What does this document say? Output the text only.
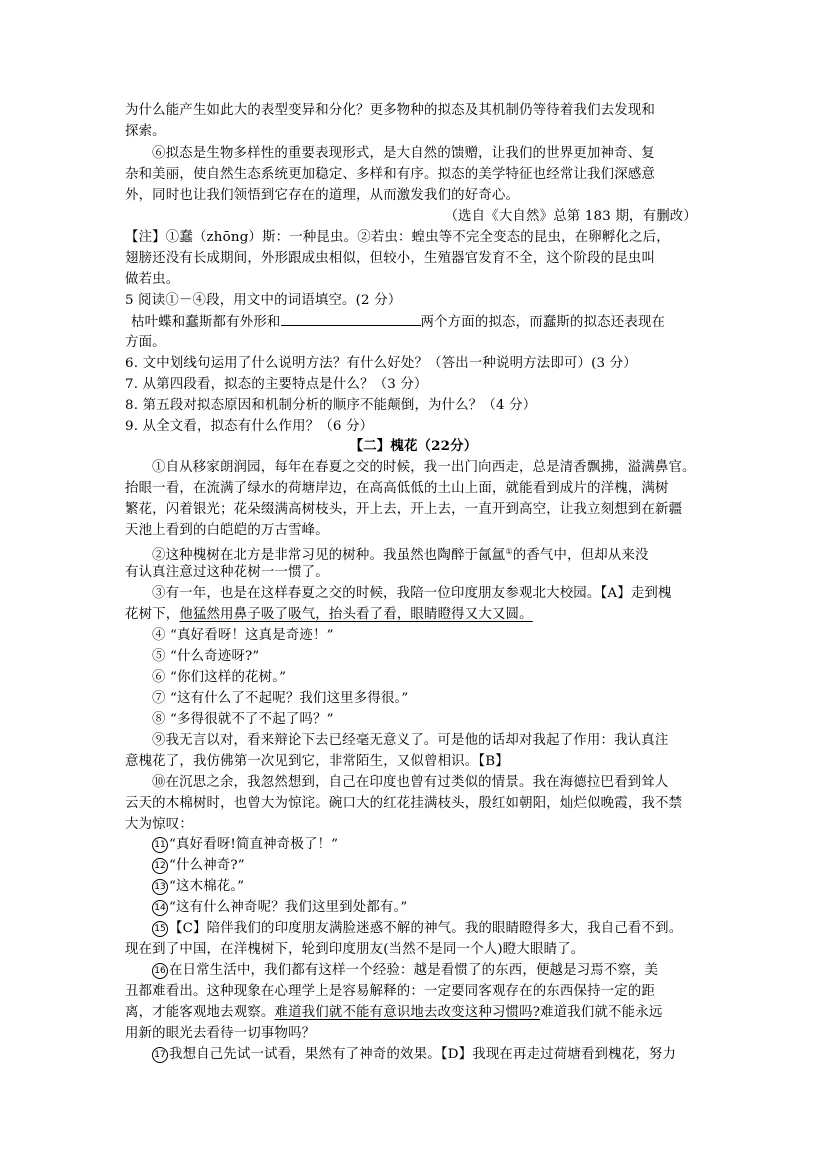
为什么能产生如此大的表型变异和分化？更多物种的拟态及其机制仍等待着我们去发现和
探索。
⑥拟态是生物多样性的重要表现形式，是大自然的馈赠，让我们的世界更加神奇、复
杂和美丽，使自然生态系统更加稳定、多样和有序。拟态的美学特征也经常让我们深感意
外，同时也让我们领悟到它存在的道理，从而激发我们的好奇心。
（选自《大自然》总第 183 期，有删改）
【注】①蠢（zhōng）斯：一种昆虫。②若虫：蝗虫等不完全变态的昆虫，在卵孵化之后，
翅膀还没有长成期间，外形跟成虫相似，但较小，生殖器官发育不全，这个阶段的昆虫叫
做若虫。
5 阅读①－④段，用文中的词语填空。(2 分）
枯叶蝶和蠢斯都有外形和	两个方面的拟态，而蠢斯的拟态还表现在
方面。
6. 文中划线句运用了什么说明方法？有什么好处？（答出一种说明方法即可）(3 分）
7. 从第四段看，拟态的主要特点是什么？（3 分）
8. 第五段对拟态原因和机制分析的顺序不能颠倒，为什么？（4 分）
9. 从全文看，拟态有什么作用？（6 分）
【二】槐花（22分）
①自从移家朗润园，每年在春夏之交的时候，我一出门向西走，总是清香飘拂，溢满鼻官。
抬眼一看，在流满了绿水的荷塘岸边，在高高低低的土山上面，就能看到成片的洋槐，满树
繁花，闪着银光；花朵缀满高树枝头，开上去，开上去，一直开到高空，让我立刻想到在新疆
天池上看到的白皑皑的万古雪峰。
②这种槐树在北方是非常习见的树种。我虽然也陶醉于氤氲①的香气中，但却从来没
有认真注意过这种花树一一惯了。
③有一年，也是在这样春夏之交的时候，我陪一位印度朋友参观北大校园。【A】走到槐
花树下，他猛然用鼻子吸了吸气，抬头看了看，眼睛瞪得又大又圆。
④ “真好看呀！这真是奇迹！”
⑤ “什么奇迹呀?”
⑥ “你们这样的花树。”
⑦ “这有什么了不起呢？我们这里多得很。”
⑧ “多得很就不了不起了吗？”
⑨我无言以对，看来辩论下去已经毫无意义了。可是他的话却对我起了作用：我认真注
意槐花了，我仿佛第一次见到它，非常陌生，又似曾相识。【B】
⑩在沉思之余，我忽然想到，自己在印度也曾有过类似的情景。我在海德拉巴看到耸人
云天的木棉树时，也曾大为惊诧。碗口大的红花挂满枝头，殷红如朝阳，灿烂似晚霞，我不禁
大为惊叹：
11 “真好看呀!简直神奇极了！”
12 “什么神奇?”
13 “这木棉花。”
14 “这有什么神奇呢？我们这里到处都有。”
15 【C】陪伴我们的印度朋友满脸迷惑不解的神气。我的眼睛瞪得多大，我自己看不到。
现在到了中国，在洋槐树下，轮到印度朋友(当然不是同一个人)瞪大眼睛了。
16 在日常生活中，我们都有这样一个经验：越是看惯了的东西，便越是习焉不察，美
丑都难看出。这种现象在心理学上是容易解释的：一定要同客观存在的东西保持一定的距
离，才能客观地去观察。难道我们就不能有意识地去改变这种习惯吗?难道我们就不能永远
用新的眼光去看待一切事物吗？
17 我想自己先试一试看，果然有了神奇的效果。【D】我现在再走过荷塘看到槐花，努力
